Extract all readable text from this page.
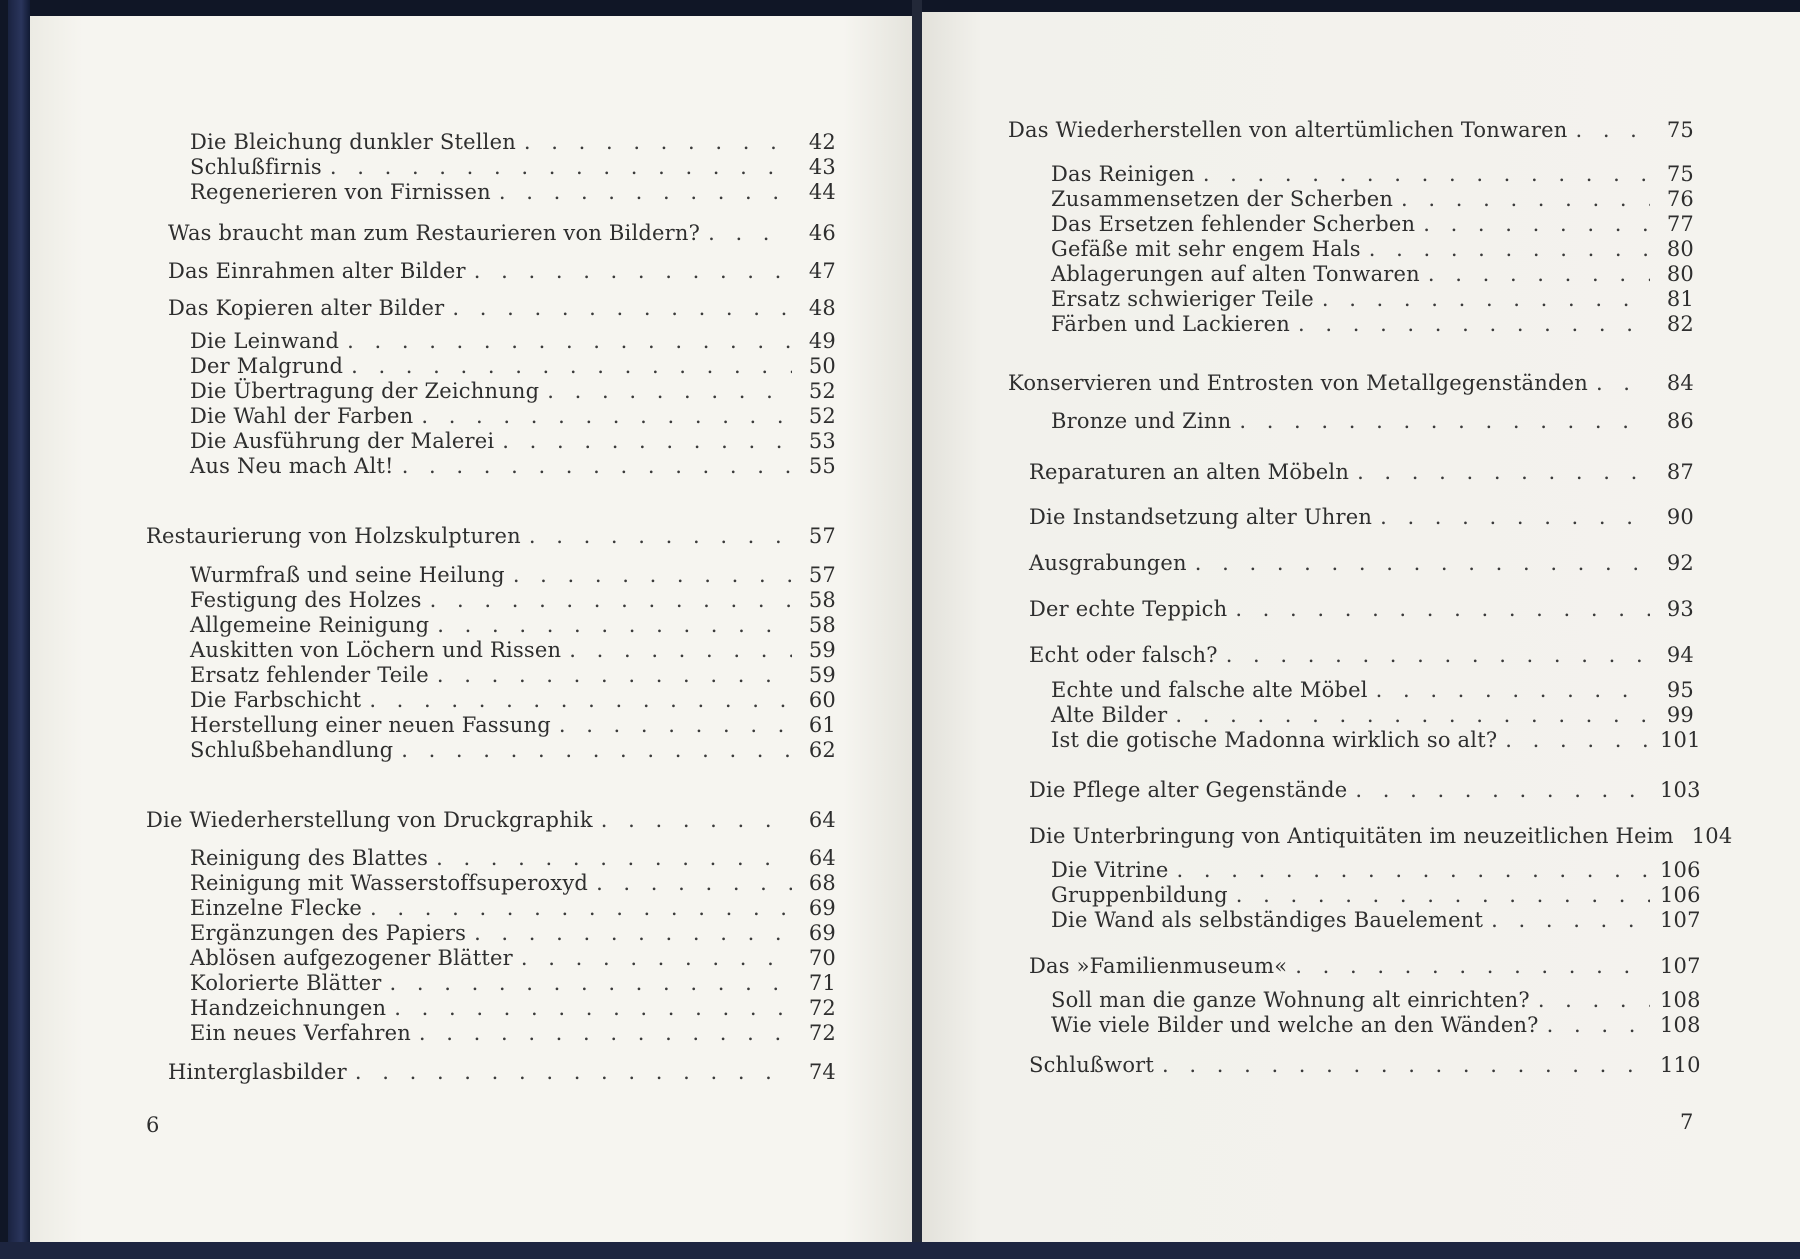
Die Bleichung dunkler Stellen . . .	42
Schlußfirnis . . .	43
Regenerieren von Firnissen . . .	44
Was braucht man zum Restaurieren von Bildern? . . .	46
Das Einrahmen alter Bilder . . .	47
Das Kopieren alter Bilder . . .	48
Die Leinwand . . .	49
Der Malgrund . . .	50
Die Übertragung der Zeichnung . . .	52
Die Wahl der Farben . . .	52
Die Ausführung der Malerei . . .	53
Aus Neu mach Alt! . . .	55
Restaurierung von Holzskulpturen . . .	57
Wurmfraß und seine Heilung . . .	57
Festigung des Holzes . . .	58
Allgemeine Reinigung . . .	58
Auskitten von Löchern und Rissen . . .	59
Ersatz fehlender Teile . . .	59
Die Farbschicht . . .	60
Herstellung einer neuen Fassung . . .	61
Schlußbehandlung . . .	62
Die Wiederherstellung von Druckgraphik . . .	64
Reinigung des Blattes . . .	64
Reinigung mit Wasserstoffsuperoxyd . . .	68
Einzelne Flecke . . .	69
Ergänzungen des Papiers . . .	69
Ablösen aufgezogener Blätter . . .	70
Kolorierte Blätter . . .	71
Handzeichnungen . . .	72
Ein neues Verfahren . . .	72
Hinterglasbilder . . .	74
6
Das Wiederherstellen von altertümlichen Tonwaren . . .	75
Das Reinigen . . .	75
Zusammensetzen der Scherben . . .	76
Das Ersetzen fehlender Scherben . . .	77
Gefäße mit sehr engem Hals . . .	80
Ablagerungen auf alten Tonwaren . . .	80
Ersatz schwieriger Teile . . .	81
Färben und Lackieren . . .	82
Konservieren und Entrosten von Metallgegenständen . . .	84
Bronze und Zinn . . .	86
Reparaturen an alten Möbeln . . .	87
Die Instandsetzung alter Uhren . . .	90
Ausgrabungen . . .	92
Der echte Teppich . . .	93
Echt oder falsch? . . .	94
Echte und falsche alte Möbel . . .	95
Alte Bilder . . .	99
Ist die gotische Madonna wirklich so alt? . . .	101
Die Pflege alter Gegenstände . . .	103
Die Unterbringung von Antiquitäten im neuzeitlichen Heim 104
Die Vitrine . . .	106
Gruppenbildung . . .	106
Die Wand als selbständiges Bauelement . . .	107
Das »Familienmuseum« . . .	107
Soll man die ganze Wohnung alt einrichten? . . .	108
Wie viele Bilder und welche an den Wänden? . . .	108
Schlußwort . . .	110
7
